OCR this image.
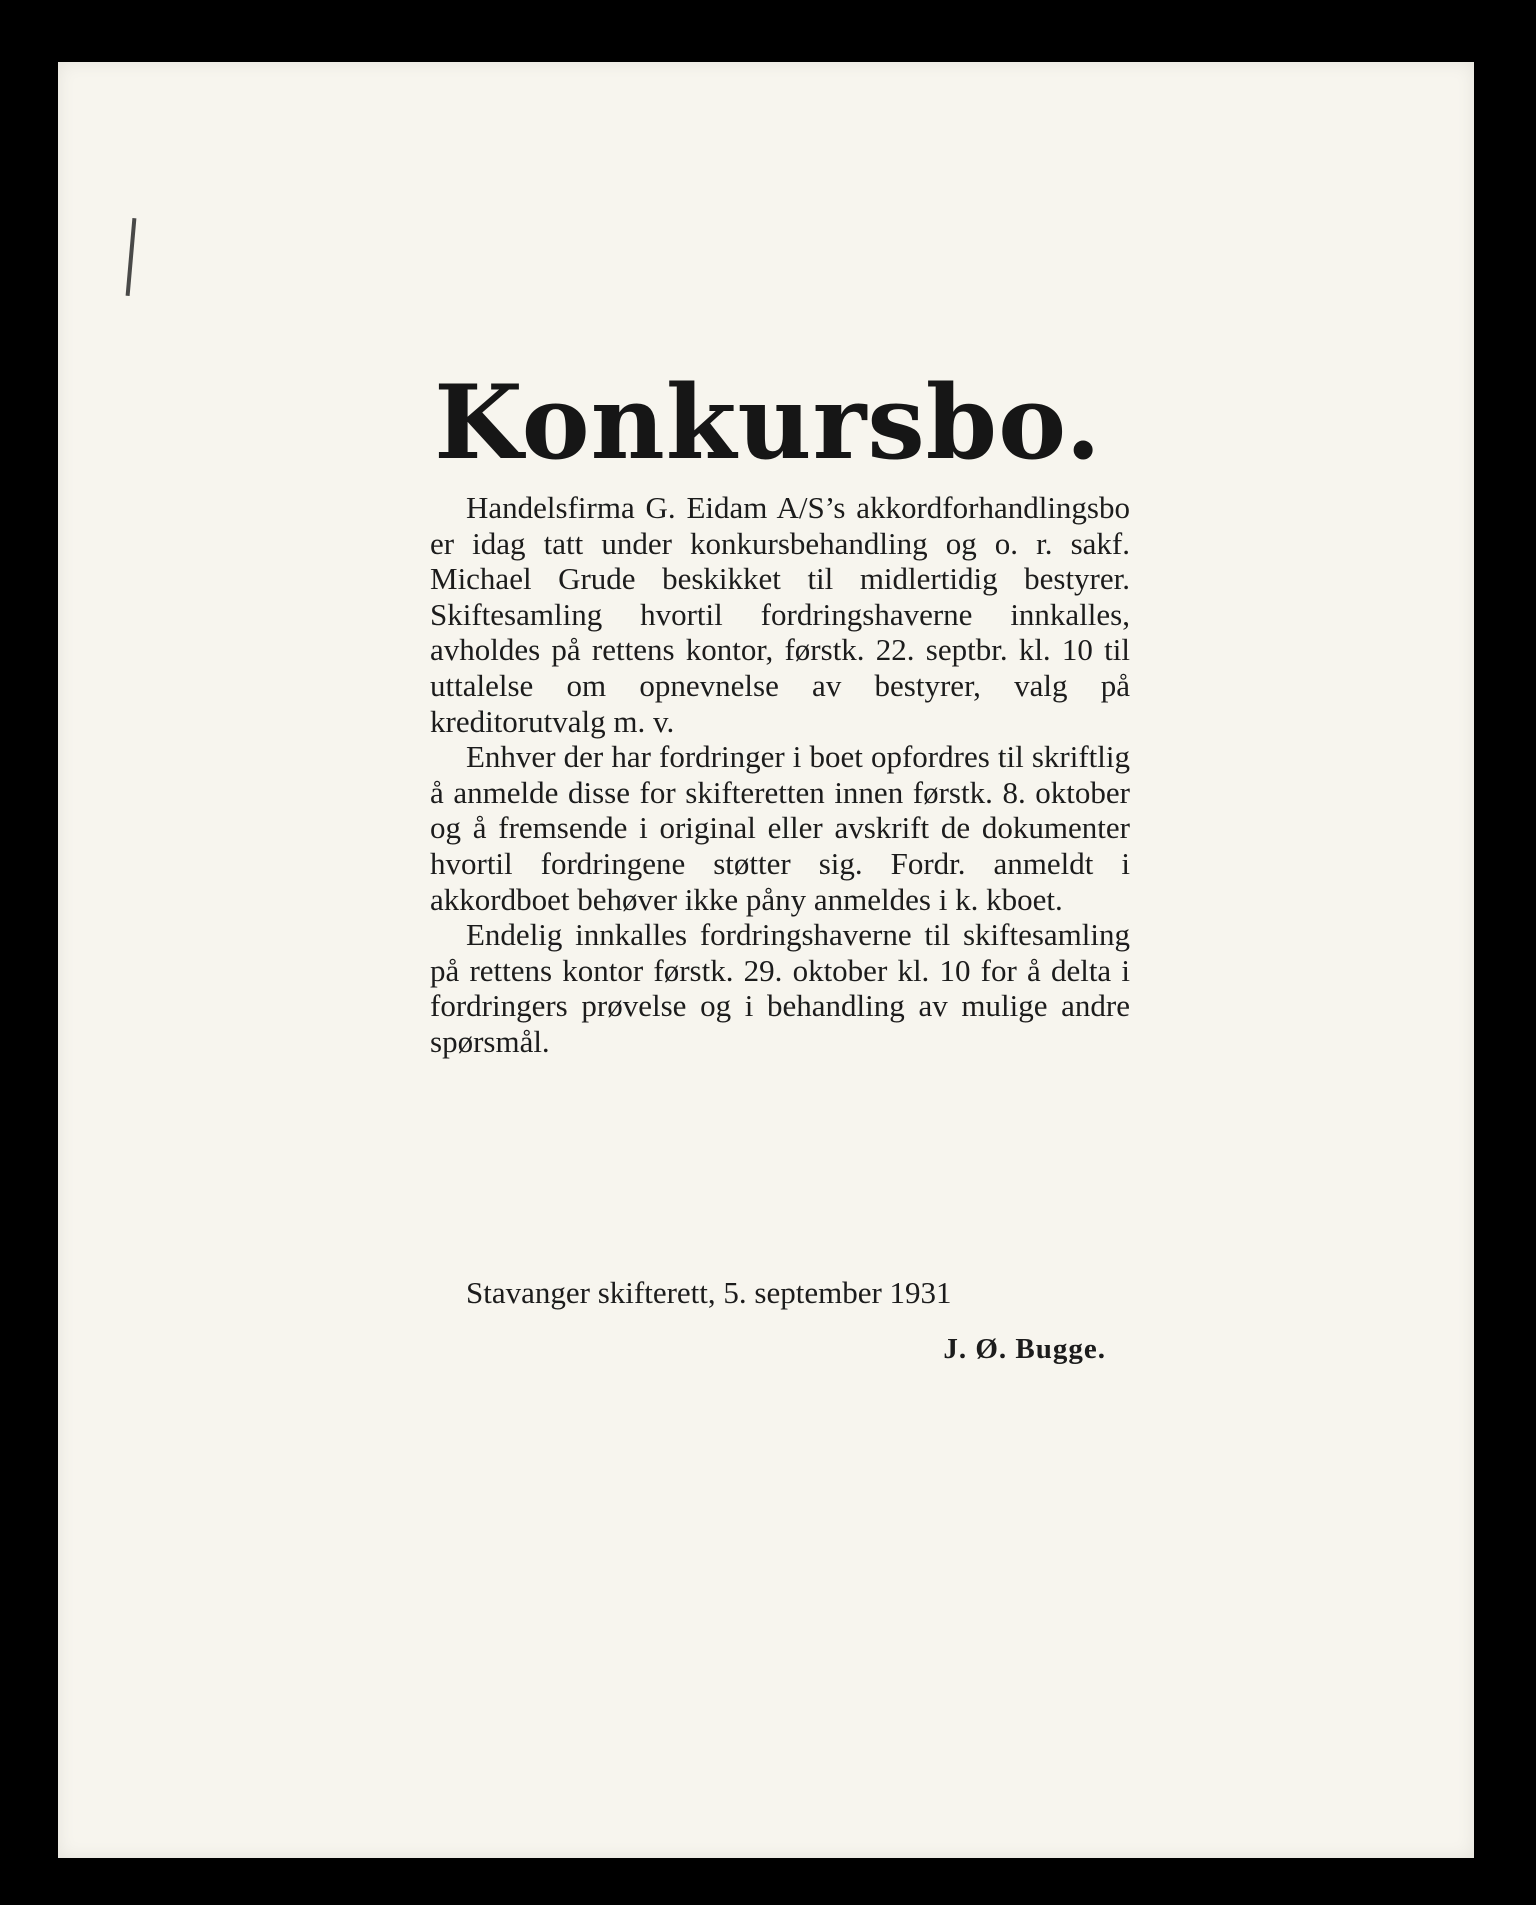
Konkursbo.

Handelsfirma G. Eidam A/S’s akkordforhandlingsbo er idag tatt under konkursbehandling og o. r. sakf. Michael Grude beskikket til midlertidig bestyrer. Skiftesamling hvortil fordringshaverne innkalles, avholdes på rettens kontor, førstk. 22. septbr. kl. 10 til uttalelse om opnevnelse av bestyrer, valg på kreditorutvalg m. v.

Enhver der har fordringer i boet opfordres til skriftlig å anmelde disse for skifteretten innen førstk. 8. oktober og å fremsende i original eller avskrift de dokumenter hvortil fordringene støtter sig. Fordr. anmeldt i akkordboet behøver ikke påny anmeldes i k. kboet.

Endelig innkalles fordringshaverne til skiftesamling på rettens kontor førstk. 29. oktober kl. 10 for å delta i fordringers prøvelse og i behandling av mulige andre spørsmål.

Stavanger skifterett, 5. september 1931

J. Ø. Bugge.
